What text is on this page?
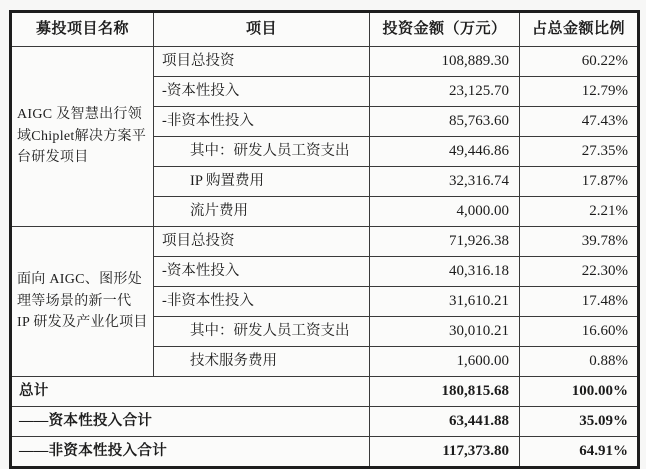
募投项目名称	项目	投资金额（万元）	占总金额比例
AIGC 及智慧出行领域Chiplet解决方案平台研发项目	项目总投资	108,889.30	60.22%
	-资本性投入	23,125.70	12.79%
	-非资本性投入	85,763.60	47.43%
	其中：研发人员工资支出	49,446.86	27.35%
	IP 购置费用	32,316.74	17.87%
	流片费用	4,000.00	2.21%
面向 AIGC、图形处理等场景的新一代 IP 研发及产业化项目	项目总投资	71,926.38	39.78%
	-资本性投入	40,316.18	22.30%
	-非资本性投入	31,610.21	17.48%
	其中：研发人员工资支出	30,010.21	16.60%
	技术服务费用	1,600.00	0.88%
总计		180,815.68	100.00%
——资本性投入合计		63,441.88	35.09%
——非资本性投入合计		117,373.80	64.91%
